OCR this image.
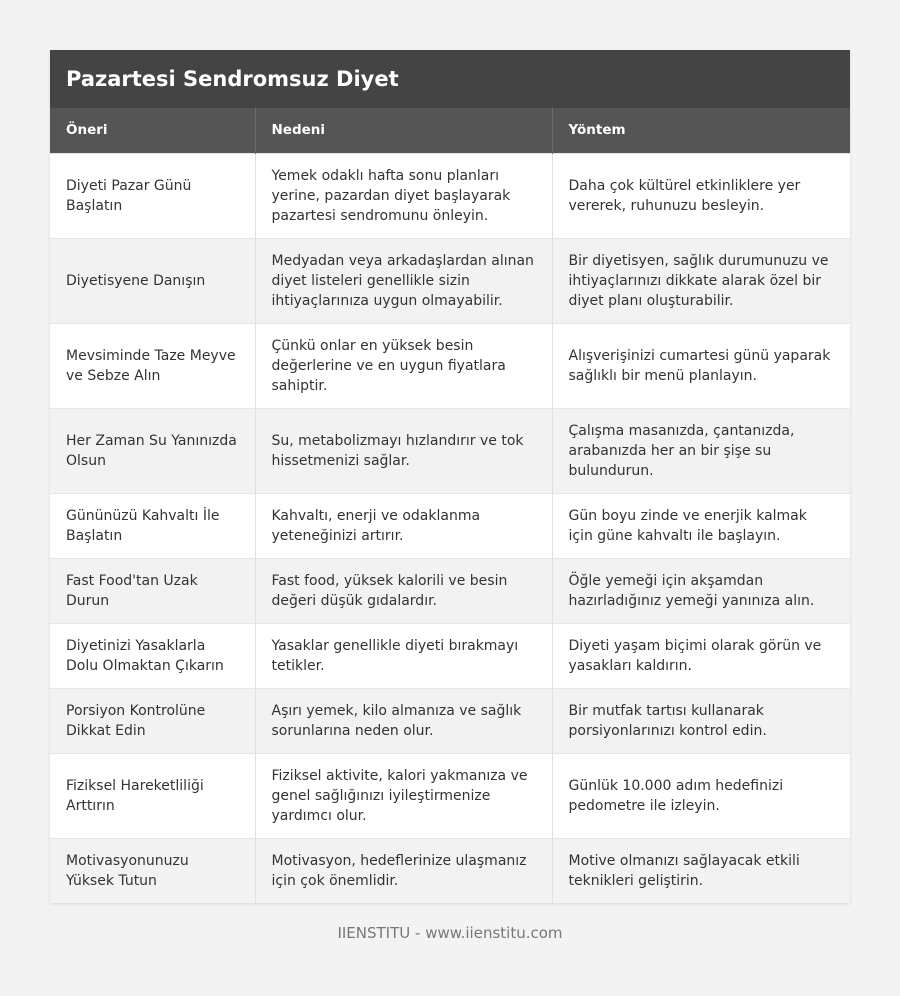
Pazartesi Sendromsuz Diyet
Öneri	Nedeni	Yöntem
Diyeti Pazar Günü Başlatın	Yemek odaklı hafta sonu planları yerine, pazardan diyet başlayarak pazartesi sendromunu önleyin.	Daha çok kültürel etkinliklere yer vererek, ruhunuzu besleyin.
Diyetisyene Danışın	Medyadan veya arkadaşlardan alınan diyet listeleri genellikle sizin ihtiyaçlarınıza uygun olmayabilir.	Bir diyetisyen, sağlık durumunuzu ve ihtiyaçlarınızı dikkate alarak özel bir diyet planı oluşturabilir.
Mevsiminde Taze Meyve ve Sebze Alın	Çünkü onlar en yüksek besin değerlerine ve en uygun fiyatlara sahiptir.	Alışverişinizi cumartesi günü yaparak sağlıklı bir menü planlayın.
Her Zaman Su Yanınızda Olsun	Su, metabolizmayı hızlandırır ve tok hissetmenizi sağlar.	Çalışma masanızda, çantanızda, arabanızda her an bir şişe su bulundurun.
Gününüzü Kahvaltı İle Başlatın	Kahvaltı, enerji ve odaklanma yeteneğinizi artırır.	Gün boyu zinde ve enerjik kalmak için güne kahvaltı ile başlayın.
Fast Food'tan Uzak Durun	Fast food, yüksek kalorili ve besin değeri düşük gıdalardır.	Öğle yemeği için akşamdan hazırladığınız yemeği yanınıza alın.
Diyetinizi Yasaklarla Dolu Olmaktan Çıkarın	Yasaklar genellikle diyeti bırakmayı tetikler.	Diyeti yaşam biçimi olarak görün ve yasakları kaldırın.
Porsiyon Kontrolüne Dikkat Edin	Aşırı yemek, kilo almanıza ve sağlık sorunlarına neden olur.	Bir mutfak tartısı kullanarak porsiyonlarınızı kontrol edin.
Fiziksel Hareketliliği Arttırın	Fiziksel aktivite, kalori yakmanıza ve genel sağlığınızı iyileştirmenize yardımcı olur.	Günlük 10.000 adım hedefinizi pedometre ile izleyin.
Motivasyonunuzu Yüksek Tutun	Motivasyon, hedeflerinize ulaşmanız için çok önemlidir.	Motive olmanızı sağlayacak etkili teknikleri geliştirin.
IIENSTITU - www.iienstitu.com
